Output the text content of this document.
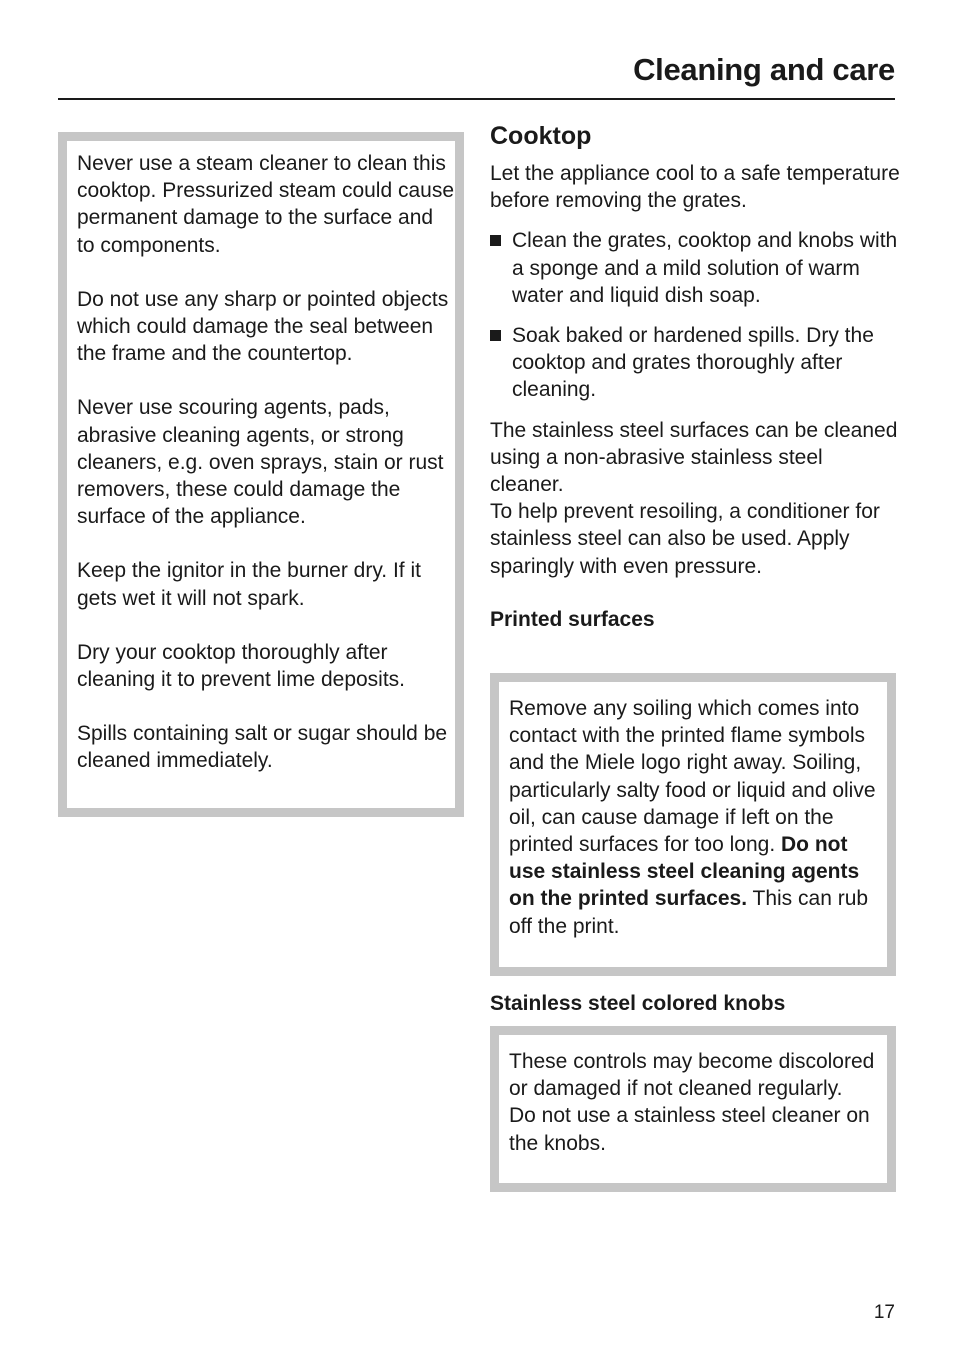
Cleaning and care

Never use a steam cleaner to clean this cooktop. Pressurized steam could cause permanent damage to the surface and to components.

Do not use any sharp or pointed objects which could damage the seal between the frame and the countertop.

Never use scouring agents, pads, abrasive cleaning agents, or strong cleaners, e.g. oven sprays, stain or rust removers, these could damage the surface of the appliance.

Keep the ignitor in the burner dry. If it gets wet it will not spark.

Dry your cooktop thoroughly after cleaning it to prevent lime deposits.

Spills containing salt or sugar should be cleaned immediately.

Cooktop

Let the appliance cool to a safe temperature before removing the grates.

Clean the grates, cooktop and knobs with a sponge and a mild solution of warm water and liquid dish soap.
Soak baked or hardened spills. Dry the cooktop and grates thoroughly after cleaning.

The stainless steel surfaces can be cleaned using a non-abrasive stainless steel cleaner.

To help prevent resoiling, a conditioner for stainless steel can also be used. Apply sparingly with even pressure.

Printed surfaces

Remove any soiling which comes into contact with the printed flame symbols and the Miele logo right away. Soiling, particularly salty food or liquid and olive oil, can cause damage if left on the printed surfaces for too long. Do not use stainless steel cleaning agents on the printed surfaces. This can rub off the print.

Stainless steel colored knobs

These controls may become discolored or damaged if not cleaned regularly.

Do not use a stainless steel cleaner on the knobs.

17
